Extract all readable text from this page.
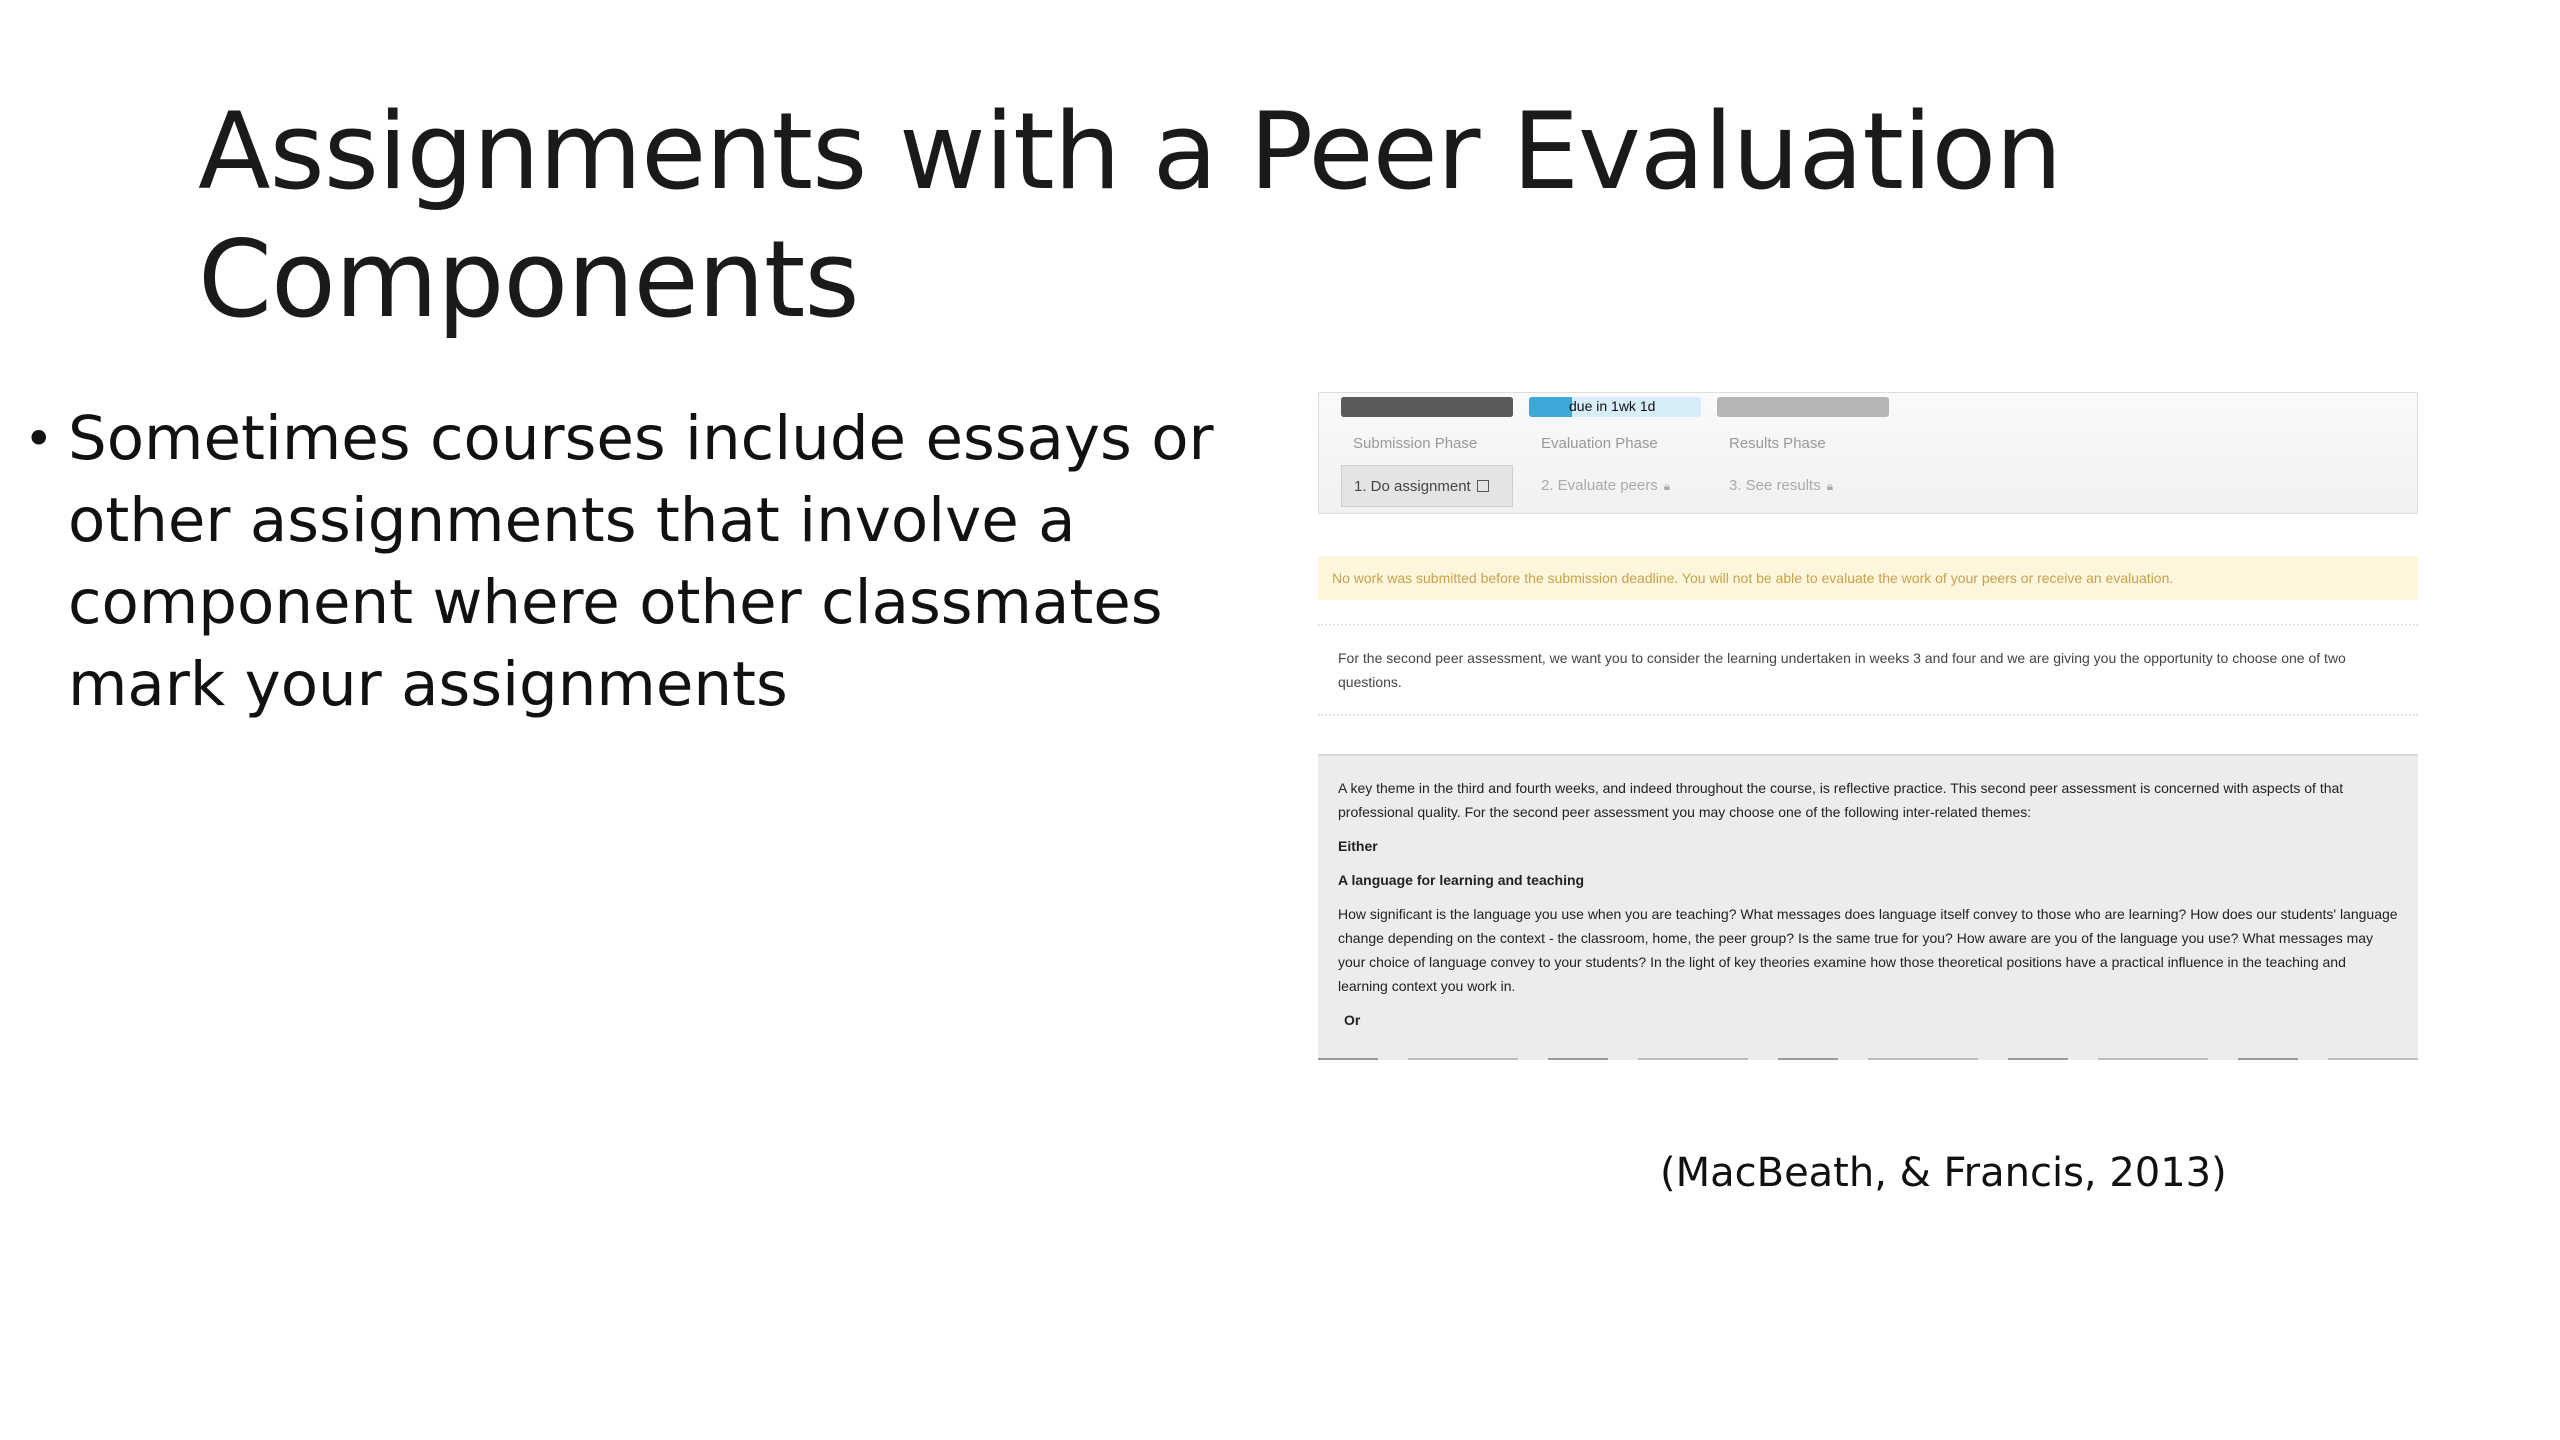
Assignments with a Peer Evaluation
Components
• Sometimes courses include essays or other assignments that involve a component where other classmates mark your assignments
Submission Phase
1. Do assignment
due in 1wk 1d
Evaluation Phase
2. Evaluate peers 🔒︎
Results Phase
3. See results 🔒︎
No work was submitted before the submission deadline. You will not be able to evaluate the work of your peers or receive an evaluation.
For the second peer assessment, we want you to consider the learning undertaken in weeks 3 and four and we are giving you the opportunity to choose one of two questions.

A key theme in the third and fourth weeks, and indeed throughout the course, is reflective practice. This second peer assessment is concerned with aspects of that professional quality. For the second peer assessment you may choose one of the following inter-related themes:

Either

A language for learning and teaching

How significant is the language you use when you are teaching? What messages does language itself convey to those who are learning? How does our students' language change depending on the context - the classroom, home, the peer group? Is the same true for you? How aware are you of the language you use? What messages may your choice of language convey to your students? In the light of key theories examine how those theoretical positions have a practical influence in the teaching and learning context you work in.

Or

(MacBeath, & Francis, 2013)
